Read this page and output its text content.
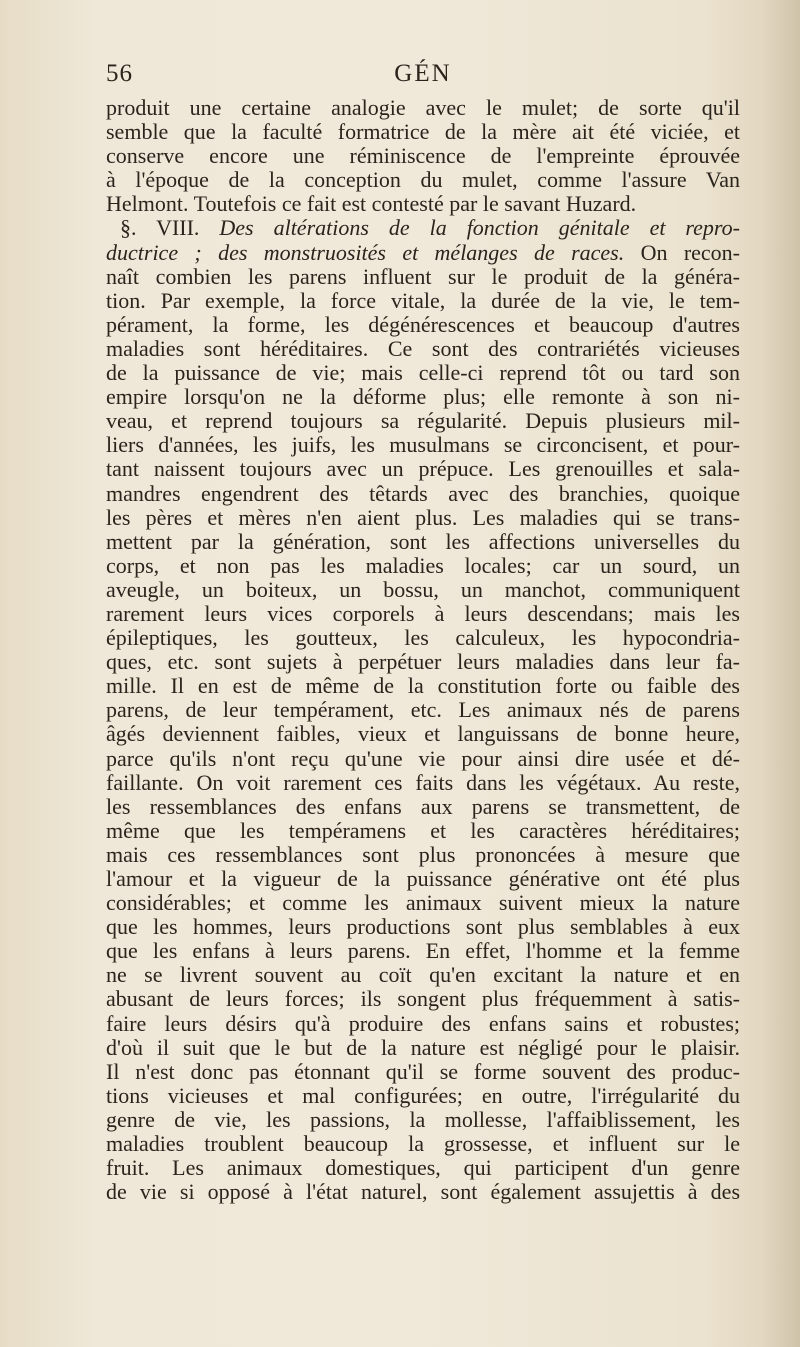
56	GÉN
produit une certaine analogie avec le mulet; de sorte qu'il
semble que la faculté formatrice de la mère ait été viciée, et
conserve encore une réminiscence de l'empreinte éprouvée
à l'époque de la conception du mulet, comme l'assure Van
Helmont. Toutefois ce fait est contesté par le savant Huzard.
§. VIII. Des altérations de la fonction génitale et repro-
ductrice ; des monstruosités et mélanges de races. On recon-
naît combien les parens influent sur le produit de la généra-
tion. Par exemple, la force vitale, la durée de la vie, le tem-
pérament, la forme, les dégénérescences et beaucoup d'autres
maladies sont héréditaires. Ce sont des contrariétés vicieuses
de la puissance de vie; mais celle-ci reprend tôt ou tard son
empire lorsqu'on ne la déforme plus; elle remonte à son ni-
veau, et reprend toujours sa régularité. Depuis plusieurs mil-
liers d'années, les juifs, les musulmans se circoncisent, et pour-
tant naissent toujours avec un prépuce. Les grenouilles et sala-
mandres engendrent des têtards avec des branchies, quoique
les pères et mères n'en aient plus. Les maladies qui se trans-
mettent par la génération, sont les affections universelles du
corps, et non pas les maladies locales; car un sourd, un
aveugle, un boiteux, un bossu, un manchot, communiquent
rarement leurs vices corporels à leurs descendans; mais les
épileptiques, les goutteux, les calculeux, les hypocondria-
ques, etc. sont sujets à perpétuer leurs maladies dans leur fa-
mille. Il en est de même de la constitution forte ou faible des
parens, de leur tempérament, etc. Les animaux nés de parens
âgés deviennent faibles, vieux et languissans de bonne heure,
parce qu'ils n'ont reçu qu'une vie pour ainsi dire usée et dé-
faillante. On voit rarement ces faits dans les végétaux. Au reste,
les ressemblances des enfans aux parens se transmettent, de
même que les tempéramens et les caractères héréditaires;
mais ces ressemblances sont plus prononcées à mesure que
l'amour et la vigueur de la puissance générative ont été plus
considérables; et comme les animaux suivent mieux la nature
que les hommes, leurs productions sont plus semblables à eux
que les enfans à leurs parens. En effet, l'homme et la femme
ne se livrent souvent au coït qu'en excitant la nature et en
abusant de leurs forces; ils songent plus fréquemment à satis-
faire leurs désirs qu'à produire des enfans sains et robustes;
d'où il suit que le but de la nature est négligé pour le plaisir.
Il n'est donc pas étonnant qu'il se forme souvent des produc-
tions vicieuses et mal configurées; en outre, l'irrégularité du
genre de vie, les passions, la mollesse, l'affaiblissement, les
maladies troublent beaucoup la grossesse, et influent sur le
fruit. Les animaux domestiques, qui participent d'un genre
de vie si opposé à l'état naturel, sont également assujettis à des
